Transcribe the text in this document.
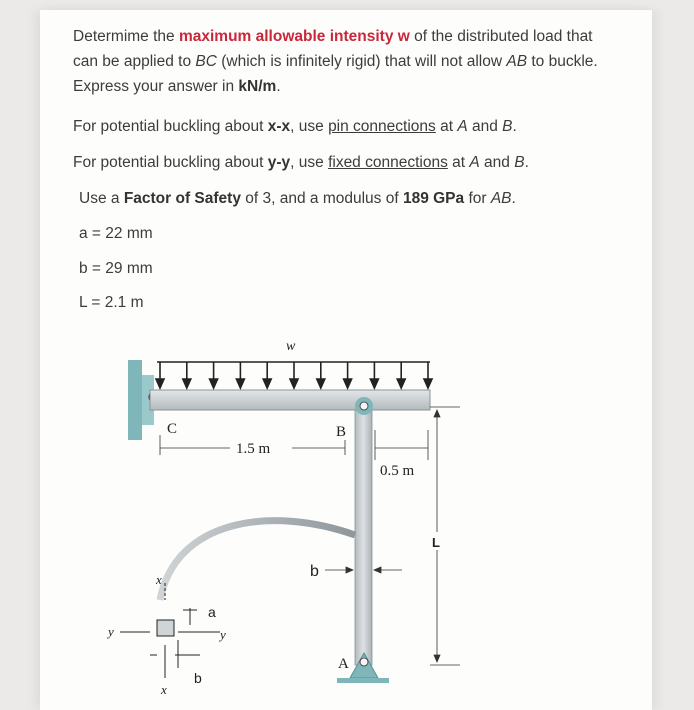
Determime the maximum allowable intensity w of the distributed load that
can be applied to BC (which is infinitely rigid) that will not allow AB to buckle.
Express your answer in kN/m.
For potential buckling about x-x, use pin connections at A and B.
For potential buckling about y-y, use fixed connections at A and B.
Use a Factor of Safety of 3, and a modulus of 189 GPa for AB.
a = 22 mm
b = 29 mm
L = 2.1 m
w
x
x
y	y
a
b
1.5 m
0.5 m
L
b
C	B
A
